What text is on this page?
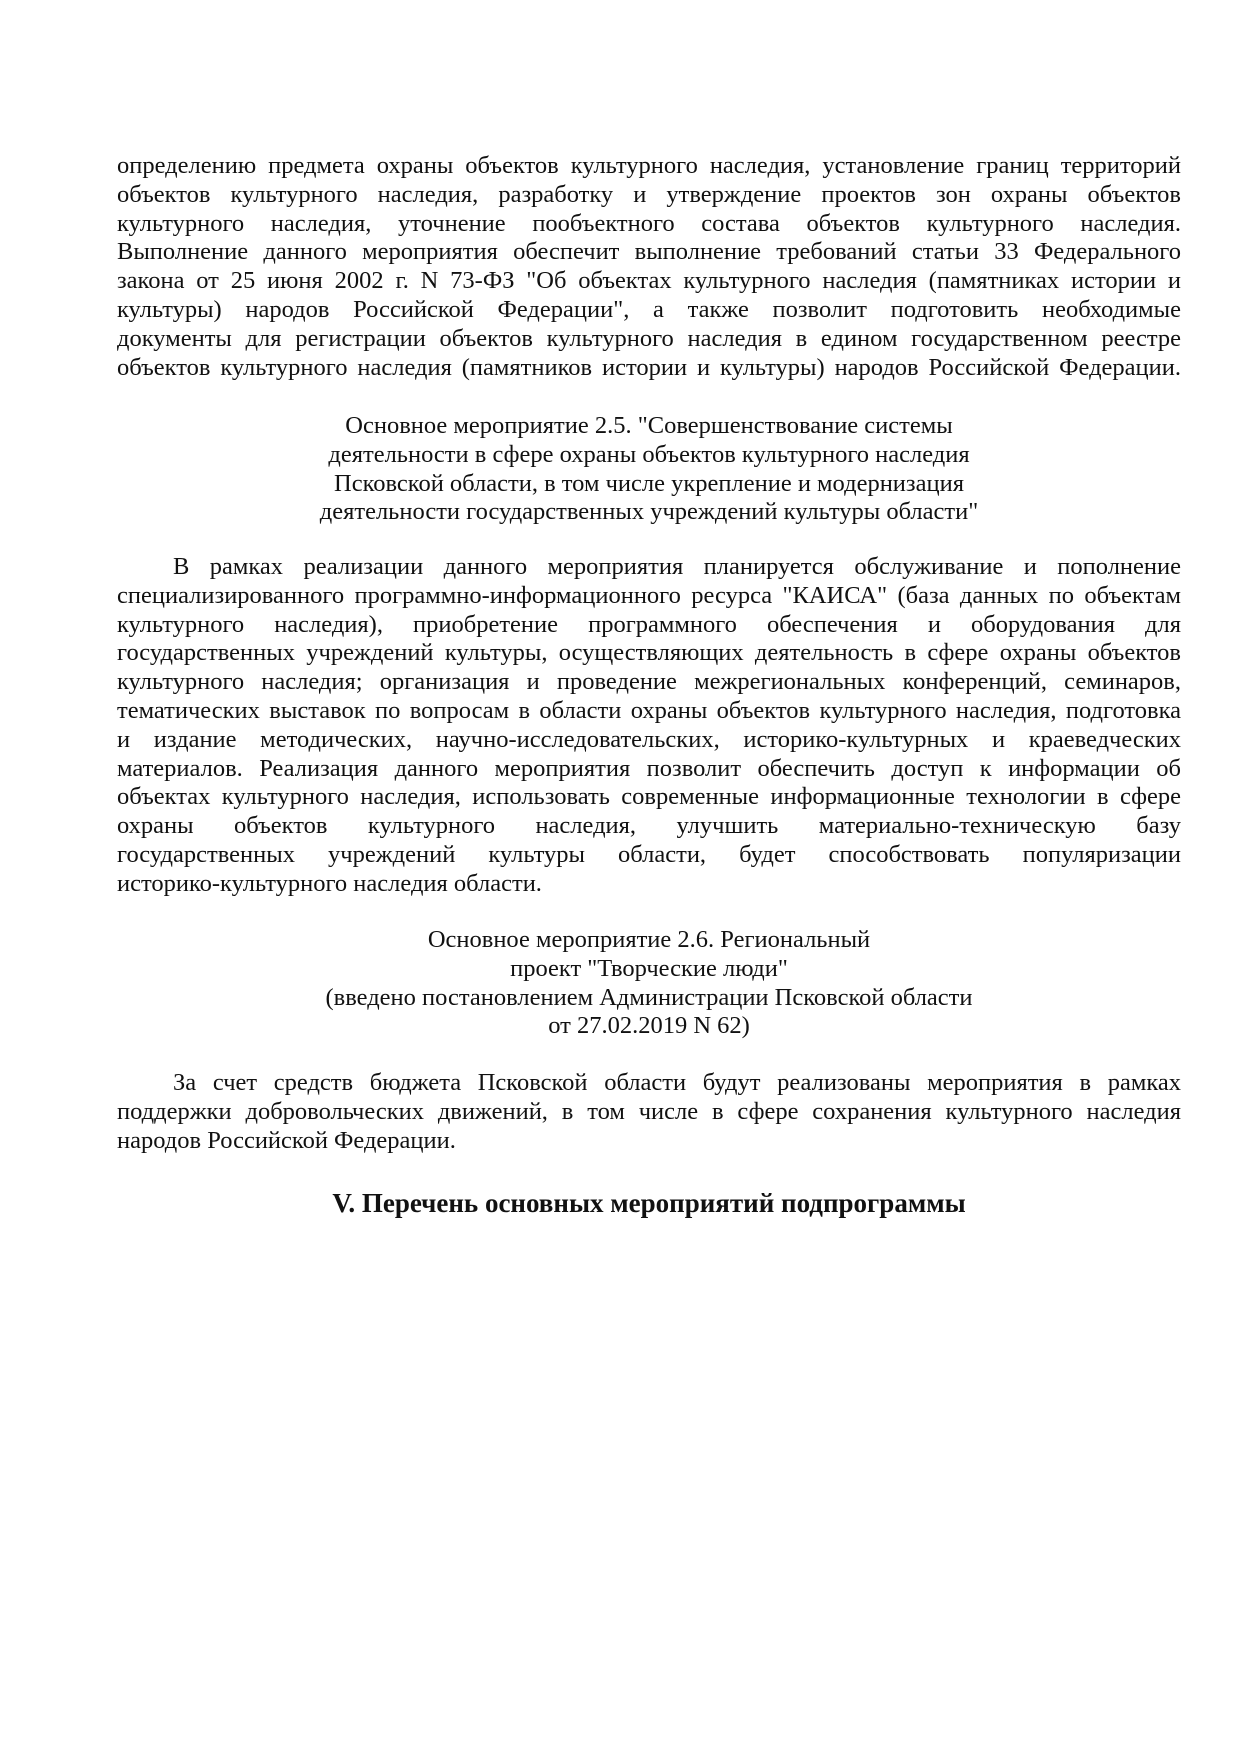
определению предмета охраны объектов культурного наследия, установление границ территорий
объектов культурного наследия, разработку и утверждение проектов зон охраны объектов
культурного наследия, уточнение пообъектного состава объектов культурного наследия.
Выполнение данного мероприятия обеспечит выполнение требований статьи 33 Федерального
закона от 25 июня 2002 г. N 73-ФЗ "Об объектах культурного наследия (памятниках истории и
культуры) народов Российской Федерации", а также позволит подготовить необходимые
документы для регистрации объектов культурного наследия в едином государственном реестре
объектов культурного наследия (памятников истории и культуры) народов Российской Федерации.
Основное мероприятие 2.5. "Совершенствование системы
деятельности в сфере охраны объектов культурного наследия
Псковской области, в том числе укрепление и модернизация
деятельности государственных учреждений культуры области"
В рамках реализации данного мероприятия планируется обслуживание и пополнение
специализированного программно-информационного ресурса "КАИСА" (база данных по объектам
культурного наследия), приобретение программного обеспечения и оборудования для
государственных учреждений культуры, осуществляющих деятельность в сфере охраны объектов
культурного наследия; организация и проведение межрегиональных конференций, семинаров,
тематических выставок по вопросам в области охраны объектов культурного наследия, подготовка
и издание методических, научно-исследовательских, историко-культурных и краеведческих
материалов. Реализация данного мероприятия позволит обеспечить доступ к информации об
объектах культурного наследия, использовать современные информационные технологии в сфере
охраны объектов культурного наследия, улучшить материально-техническую базу
государственных учреждений культуры области, будет способствовать популяризации
историко-культурного наследия области.
Основное мероприятие 2.6. Региональный
проект "Творческие люди"
(введено постановлением Администрации Псковской области
от 27.02.2019 N 62)
За счет средств бюджета Псковской области будут реализованы мероприятия в рамках
поддержки добровольческих движений, в том числе в сфере сохранения культурного наследия
народов Российской Федерации.
V. Перечень основных мероприятий подпрограммы
